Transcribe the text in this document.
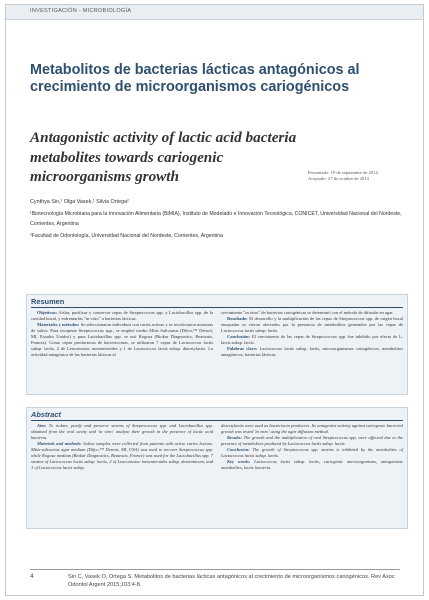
INVESTIGACIÓN - MICROBIOLOGÍA
Metabolitos de bacterias lácticas antagónicos al crecimiento de microorganismos cariogénicos
Antagonistic activity of lactic acid bacteria metabolites towards cariogenic microorganisms growth	Presentado: 19 de septiembre de 2014
Aceptado: 27 de octubre de 2014
Cynthya Sin,¹ Olga Vasek,¹ Silvia Ortega²
¹Biotecnología Microbiana para la Innovación Alimentaria (BiMIA), Instituto de Modelado e Innovación Tecnológica, CONICET, Universidad Nacional del Nordeste, Corrientes, Argentina
²Facultad de Odontología, Universidad Nacional del Nordeste, Corrientes, Argentina
Resumen

Objetivos: Aislar, purificar y conservar cepas de Streptococcus spp. y Lactobacillus spp. de la cavidad bucal, y enfrentarlas "in vitro" a bacterias lácticas.

Materiales y métodos: Se seleccionaron individuos con caries activas y se recolectaron muestras de saliva. Para recuperar Streptococcus spp., se empleó medio Mitis Salivarius (Difco,™ Detroit, MI, Estados Unidos) y para Lactobacillus spp. se usó Rogosa (Biokar Diagnostics, Beauvais, Francia). Como cepas productoras de bacteriocinas, se utilizaron 7 cepas de Lactococcus lactis subsp. lactis, 2 de Leuconostoc mesenteroides y 1 de Lactococcus lactis subsp. diacetylactis. La actividad antagónica de las bacterias lácticas al

crecimiento "in vitro" de bacterias cariogénicas se determinó con el método de difusión en agar.

Resultado: El desarrollo y la multiplicación de las cepas de Streptococcus spp. de origen bucal ensayadas se vieron afectados por la presencia de metabolitos generados por las cepas de Lactococcus lactis subsp. lactis.

Conclusión: El crecimiento de las cepas de Streptococcus spp. fue inhibido por efecto de L. lactis subsp. lactis.

Palabras clave: Lactococcus lactis subsp. lactis, microorganismos cariogénicos, metabolitos antagónicos, bacterias lácticas.

Abstract

Aim: To isolate, purify and preserve strains of Streptococcus spp. and Lactobacillus spp. obtained from the oral cavity and 'in vitro' analyze their growth in the presence of lactic acid bacteria.

Materials and methods: Saliva samples were collected from patients with active caries lesions. Mitis-salivarius agar medium (Difco,™ Detroit, MI, USA) was used to recover Streptococcus spp. while Rogosa medium (Biokar Diagnostics, Beauvais, France) was used for the Lactobacillus spp. 7 strains of Lactococcus lactis subsp. lactis, 2 of Leuconostoc mesenteroides subsp. dextranicum, and 1 of Lactococcus lactis subsp.

diacetylactis were used as bacteriocin producers. Its antagonist activity against cariogenic bacterial growth was tested 'in vitro' using the agar diffusion method.

Results: The growth and the multiplication of oral Streptococcus spp. were affected due to the presence of metabolites produced by Lactococcus lactis subsp. lactis.

Conclusion: The growth of Streptococcus spp. strains is inhibited by the metabolites of Lactococcus lactis subsp. lactis.

Key words: Lactococcus lactis subsp. lactis, cariogenic microorganisms, antagonistic metabolites, lactic bacteria.

4	Sin C, Vasek O, Ortega S. Metabolitos de bacterias lácticas antagónicos al crecimiento de microorganismos cariogénicos. Rev Asoc Odontol Argent 2015;103:4-8.
